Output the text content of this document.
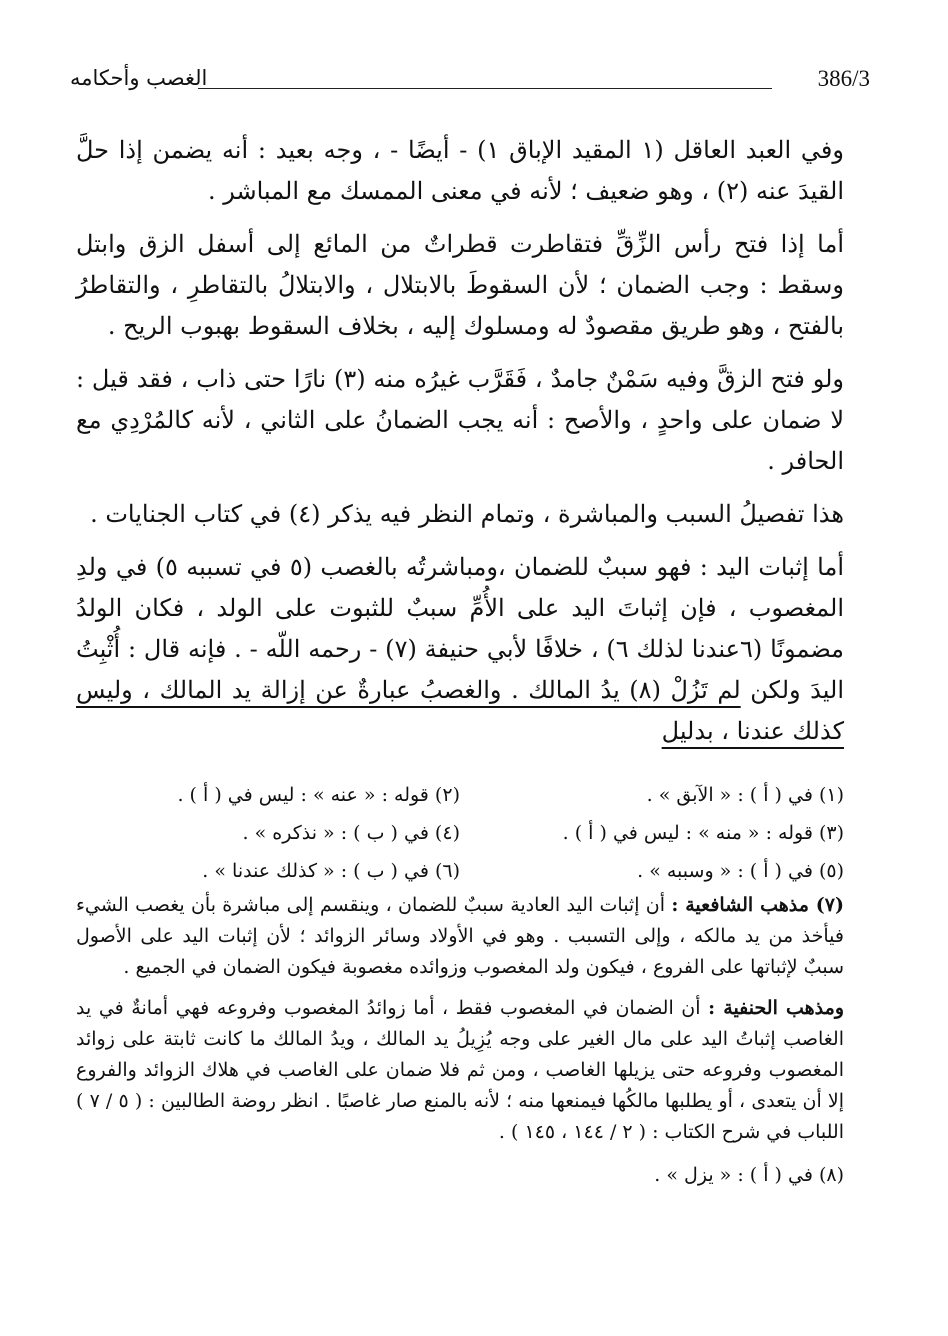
386/3
الغصب وأحكامه

وفي العبد العاقل (١ المقيد الإباق ١) - أيضًا - ، وجه بعيد : أنه يضمن إذا حلَّ القيدَ عنه (٢) ، وهو ضعيف ؛ لأنه في معنى الممسك مع المباشر .

أما إذا فتح رأس الزِّقِّ فتقاطرت قطراتٌ من المائع إلى أسفل الزق وابتل وسقط : وجب الضمان ؛ لأن السقوطَ بالابتلال ، والابتلالُ بالتقاطرِ ، والتقاطرُ بالفتح ، وهو طريق مقصودٌ له ومسلوك إليه ، بخلاف السقوط بهبوب الريح .

ولو فتح الزقَّ وفيه سَمْنٌ جامدٌ ، فَقَرَّب غيرُه منه (٣) نارًا حتى ذاب ، فقد قيل : لا ضمان على واحدٍ ، والأصح : أنه يجب الضمانُ على الثاني ، لأنه كالمُرْدِي مع الحافر .

هذا تفصيلُ السبب والمباشرة ، وتمام النظر فيه يذكر (٤) في كتاب الجنايات .

أما إثبات اليد : فهو سببٌ للضمان ،ومباشرتُه بالغصب (٥ في تسببه ٥) في ولدِ المغصوب ، فإن إثباتَ اليد على الأُمِّ سببٌ للثبوت على الولد ، فكان الولدُ مضمونًا (٦عندنا لذلك ٦) ، خلافًا لأبي حنيفة (٧) - رحمه اللّه - . فإنه قال : أُثْبِتُ اليدَ ولكن لم تَزُلْ (٨) يدُ المالك . والغصبُ عبارةٌ عن إزالة يد المالك ، وليس كذلك عندنا ، بدليل

(١) في ( أ ) : « الآبق » .
(٢) قوله : « عنه » : ليس في ( أ ) .
(٣) قوله : « منه » : ليس في ( أ ) .
(٤) في ( ب ) : « نذكره » .
(٥) في ( أ ) : « وسببه » .
(٦) في ( ب ) : « كذلك عندنا » .

(٧) مذهب الشافعية : أن إثبات اليد العادية سببٌ للضمان ، وينقسم إلى مباشرة بأن يغصب الشيء فيأخذ من يد مالكه ، وإلى التسبب . وهو في الأولاد وسائر الزوائد ؛ لأن إثبات اليد على الأصول سببٌ لإثباتها على الفروع ، فيكون ولد المغصوب وزوائده مغصوبة فيكون الضمان في الجميع .

ومذهب الحنفية : أن الضمان في المغصوب فقط ، أما زوائدُ المغصوب وفروعه فهي أمانةٌ في يد الغاصب إثباتُ اليد على مال الغير على وجه يُزِيلُ يد المالك ، ويدُ المالك ما كانت ثابتة على زوائد المغصوب وفروعه حتى يزيلها الغاصب ، ومن ثم فلا ضمان على الغاصب في هلاك الزوائد والفروع إلا أن يتعدى ، أو يطلبها مالكُها فيمنعها منه ؛ لأنه بالمنع صار غاصبًا . انظر روضة الطالبين : ( ٥ / ٧ ) اللباب في شرح الكتاب : ( ٢ / ١٤٤ ، ١٤٥ ) .

(٨) في ( أ ) : « يزل » .
